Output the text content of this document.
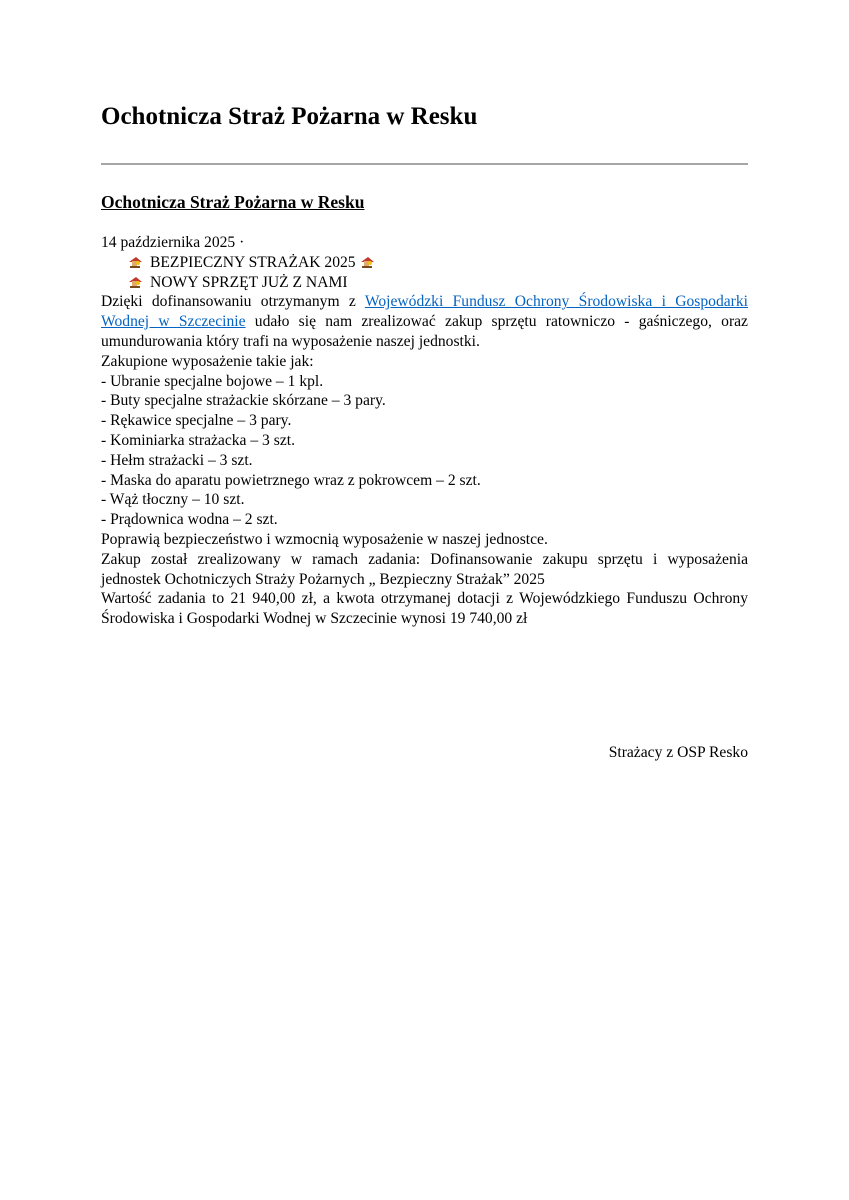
Ochotnicza Straż Pożarna w Resku
Ochotnicza Straż Pożarna w Resku
14 października 2025 ·
BEZPIECZNY STRAŻAK 2025
NOWY SPRZĘT JUŻ Z NAMI
Dzięki dofinansowaniu otrzymanym z Wojewódzki Fundusz Ochrony Środowiska i Gospodarki Wodnej w Szczecinie udało się nam zrealizować zakup sprzętu ratowniczo - gaśniczego, oraz umundurowania który trafi na wyposażenie naszej jednostki.
Zakupione wyposażenie takie jak:
- Ubranie specjalne bojowe – 1 kpl.
- Buty specjalne strażackie skórzane – 3 pary.
- Rękawice specjalne – 3 pary.
- Kominiarka strażacka – 3 szt.
- Hełm strażacki – 3 szt.
- Maska do aparatu powietrznego wraz z pokrowcem – 2 szt.
- Wąż tłoczny – 10 szt.
- Prądownica wodna – 2 szt.
Poprawią bezpieczeństwo i wzmocnią wyposażenie w naszej jednostce.
Zakup został zrealizowany w ramach zadania: Dofinansowanie zakupu sprzętu i wyposażenia jednostek Ochotniczych Straży Pożarnych „ Bezpieczny Strażak” 2025
Wartość zadania to 21 940,00 zł, a kwota otrzymanej dotacji z Wojewódzkiego Funduszu Ochrony Środowiska i Gospodarki Wodnej w Szczecinie wynosi 19 740,00 zł
Strażacy z OSP Resko
